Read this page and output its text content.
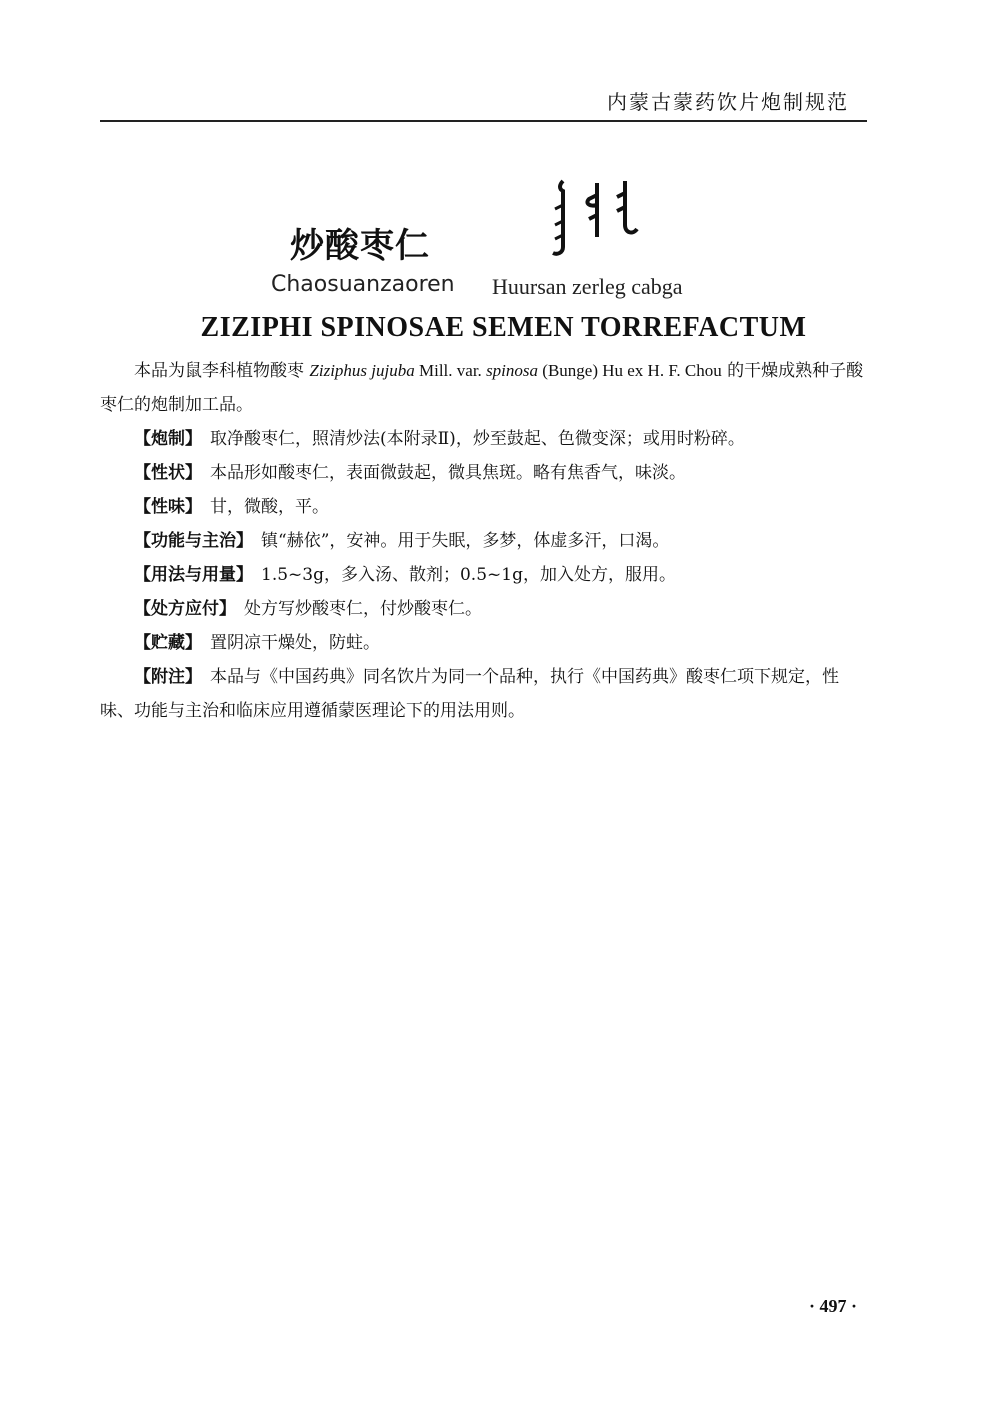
内蒙古蒙药饮片炮制规范
炒酸枣仁
Chaosuanzaoren Huursan zerleg cabga
ZIZIPHI SPINOSAE SEMEN TORREFACTUM

本品为鼠李科植物酸枣 Ziziphus jujuba Mill. var. spinosa (Bunge) Hu ex H. F. Chou 的干燥成熟种子酸枣仁的炮制加工品。

【炮制】 取净酸枣仁，照清炒法(本附录Ⅱ)，炒至鼓起、色微变深；或用时粉碎。

【性状】 本品形如酸枣仁，表面微鼓起，微具焦斑。略有焦香气，味淡。

【性味】 甘，微酸，平。

【功能与主治】 镇“赫依”，安神。用于失眠，多梦，体虚多汗，口渴。

【用法与用量】 1.5~3g，多入汤、散剂；0.5~1g，加入处方，服用。

【处方应付】 处方写炒酸枣仁，付炒酸枣仁。

【贮藏】 置阴凉干燥处，防蛀。

【附注】 本品与《中国药典》同名饮片为同一个品种，执行《中国药典》酸枣仁项下规定，性味、功能与主治和临床应用遵循蒙医理论下的用法用则。

· 497 ·
